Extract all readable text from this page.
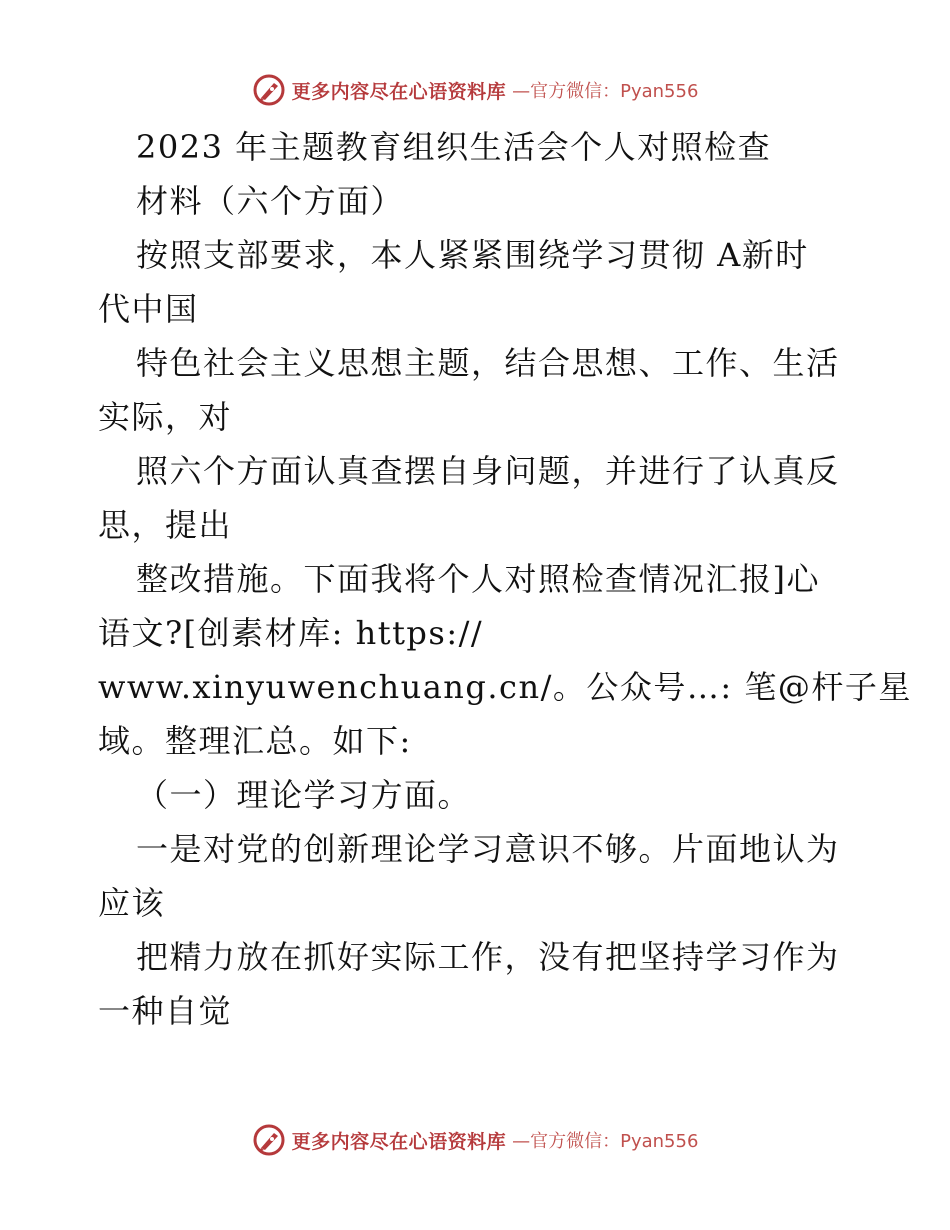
更多内容尽在心语资料库 —官方微信：Pyan556
2023 年主题教育组织生活会个人对照检查
材料（六个方面）
按照支部要求，本人紧紧围绕学习贯彻 A新时
代中国
特色社会主义思想主题，结合思想、工作、生活
实际，对
照六个方面认真查摆自身问题，并进行了认真反
思，提出
整改措施。下面我将个人对照检查情况汇报]心
语文?[创素材库: https://
www.xinyuwenchuang.cn/。公众号…: 笔@杆子星
域。整理汇总。如下:
（一）理论学习方面。
一是对党的创新理论学习意识不够。片面地认为
应该
把精力放在抓好实际工作，没有把坚持学习作为
一种自觉
更多内容尽在心语资料库 —官方微信：Pyan556
